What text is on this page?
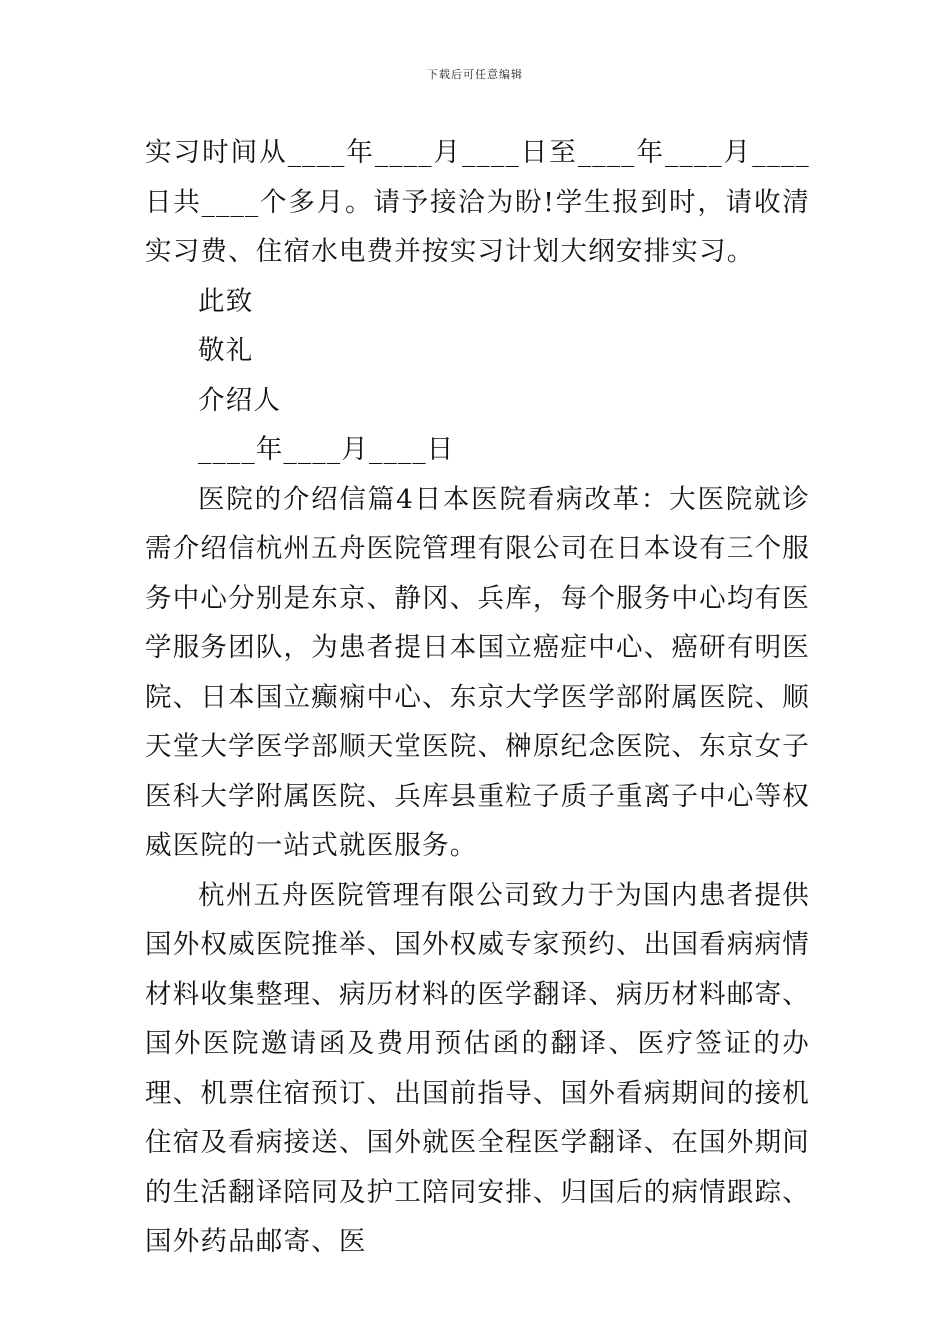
下载后可任意编辑

实习时间从____年____月____日至____年____月____日共____个多月。请予接洽为盼!学生报到时，请收清实习费、住宿水电费并按实习计划大纲安排实习。

此致

敬礼

介绍人

____年____月____日

医院的介绍信篇4日本医院看病改革：大医院就诊需介绍信杭州五舟医院管理有限公司在日本设有三个服务中心分别是东京、静冈、兵库，每个服务中心均有医学服务团队，为患者提日本国立癌症中心、癌研有明医院、日本国立癫痫中心、东京大学医学部附属医院、顺天堂大学医学部顺天堂医院、榊原纪念医院、东京女子医科大学附属医院、兵库县重粒子质子重离子中心等权威医院的一站式就医服务。

杭州五舟医院管理有限公司致力于为国内患者提供国外权威医院推举、国外权威专家预约、出国看病病情材料收集整理、病历材料的医学翻译、病历材料邮寄、国外医院邀请函及费用预估函的翻译、医疗签证的办理、机票住宿预订、出国前指导、国外看病期间的接机住宿及看病接送、国外就医全程医学翻译、在国外期间的生活翻译陪同及护工陪同安排、归国后的病情跟踪、国外药品邮寄、医
